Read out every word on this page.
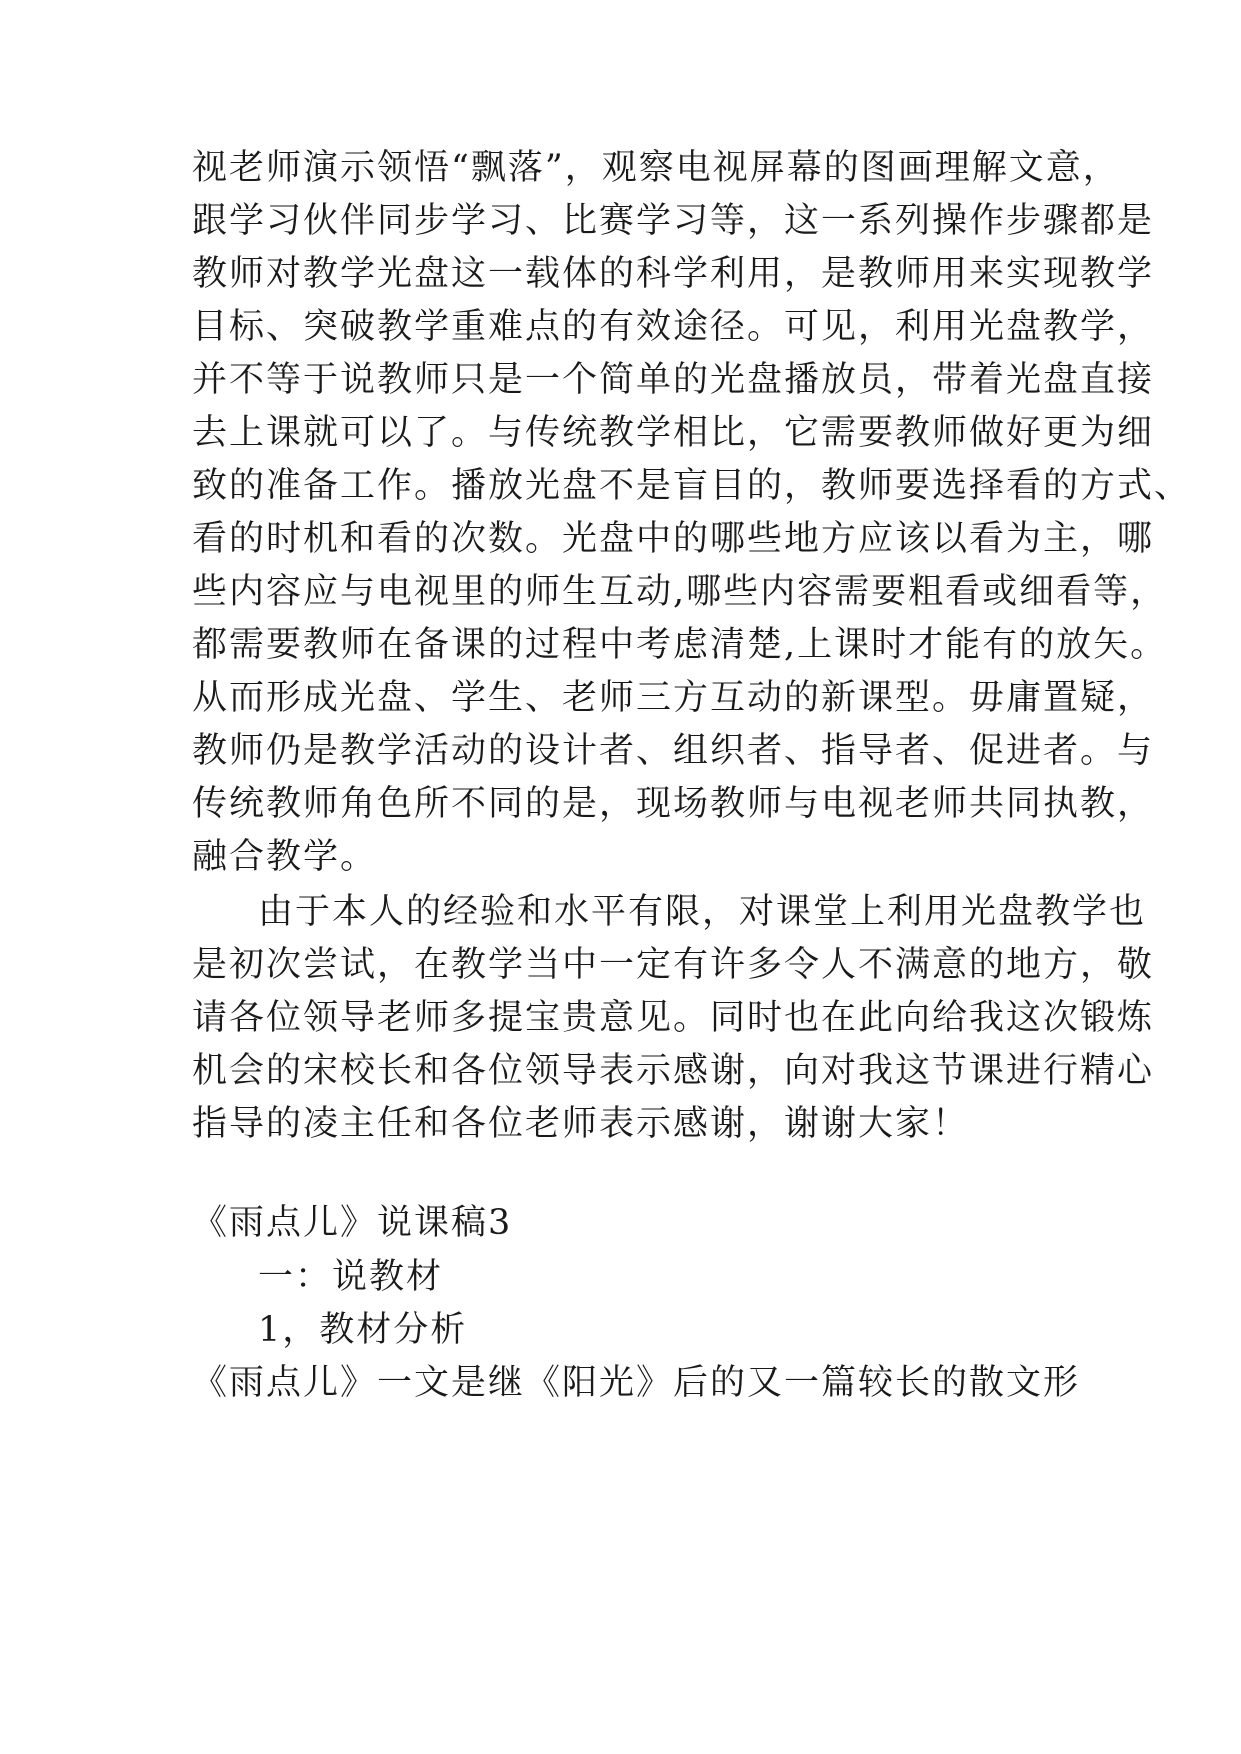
视老师演示领悟“飘落”，观察电视屏幕的图画理解文意，
跟学习伙伴同步学习、比赛学习等，这一系列操作步骤都是
教师对教学光盘这一载体的科学利用，是教师用来实现教学
目标、突破教学重难点的有效途径。可见，利用光盘教学，
并不等于说教师只是一个简单的光盘播放员，带着光盘直接
去上课就可以了。与传统教学相比，它需要教师做好更为细
致的准备工作。播放光盘不是盲目的，教师要选择看的方式、
看的时机和看的次数。光盘中的哪些地方应该以看为主，哪
些内容应与电视里的师生互动,哪些内容需要粗看或细看等，
都需要教师在备课的过程中考虑清楚,上课时才能有的放矢。
从而形成光盘、学生、老师三方互动的新课型。毋庸置疑，
教师仍是教学活动的设计者、组织者、指导者、促进者。与
传统教师角色所不同的是，现场教师与电视老师共同执教，
融合教学。
由于本人的经验和水平有限，对课堂上利用光盘教学也
是初次尝试，在教学当中一定有许多令人不满意的地方，敬
请各位领导老师多提宝贵意见。同时也在此向给我这次锻炼
机会的宋校长和各位领导表示感谢，向对我这节课进行精心
指导的凌主任和各位老师表示感谢，谢谢大家！
《雨点儿》说课稿3
一：说教材
1，教材分析
《雨点儿》一文是继《阳光》后的又一篇较长的散文形
